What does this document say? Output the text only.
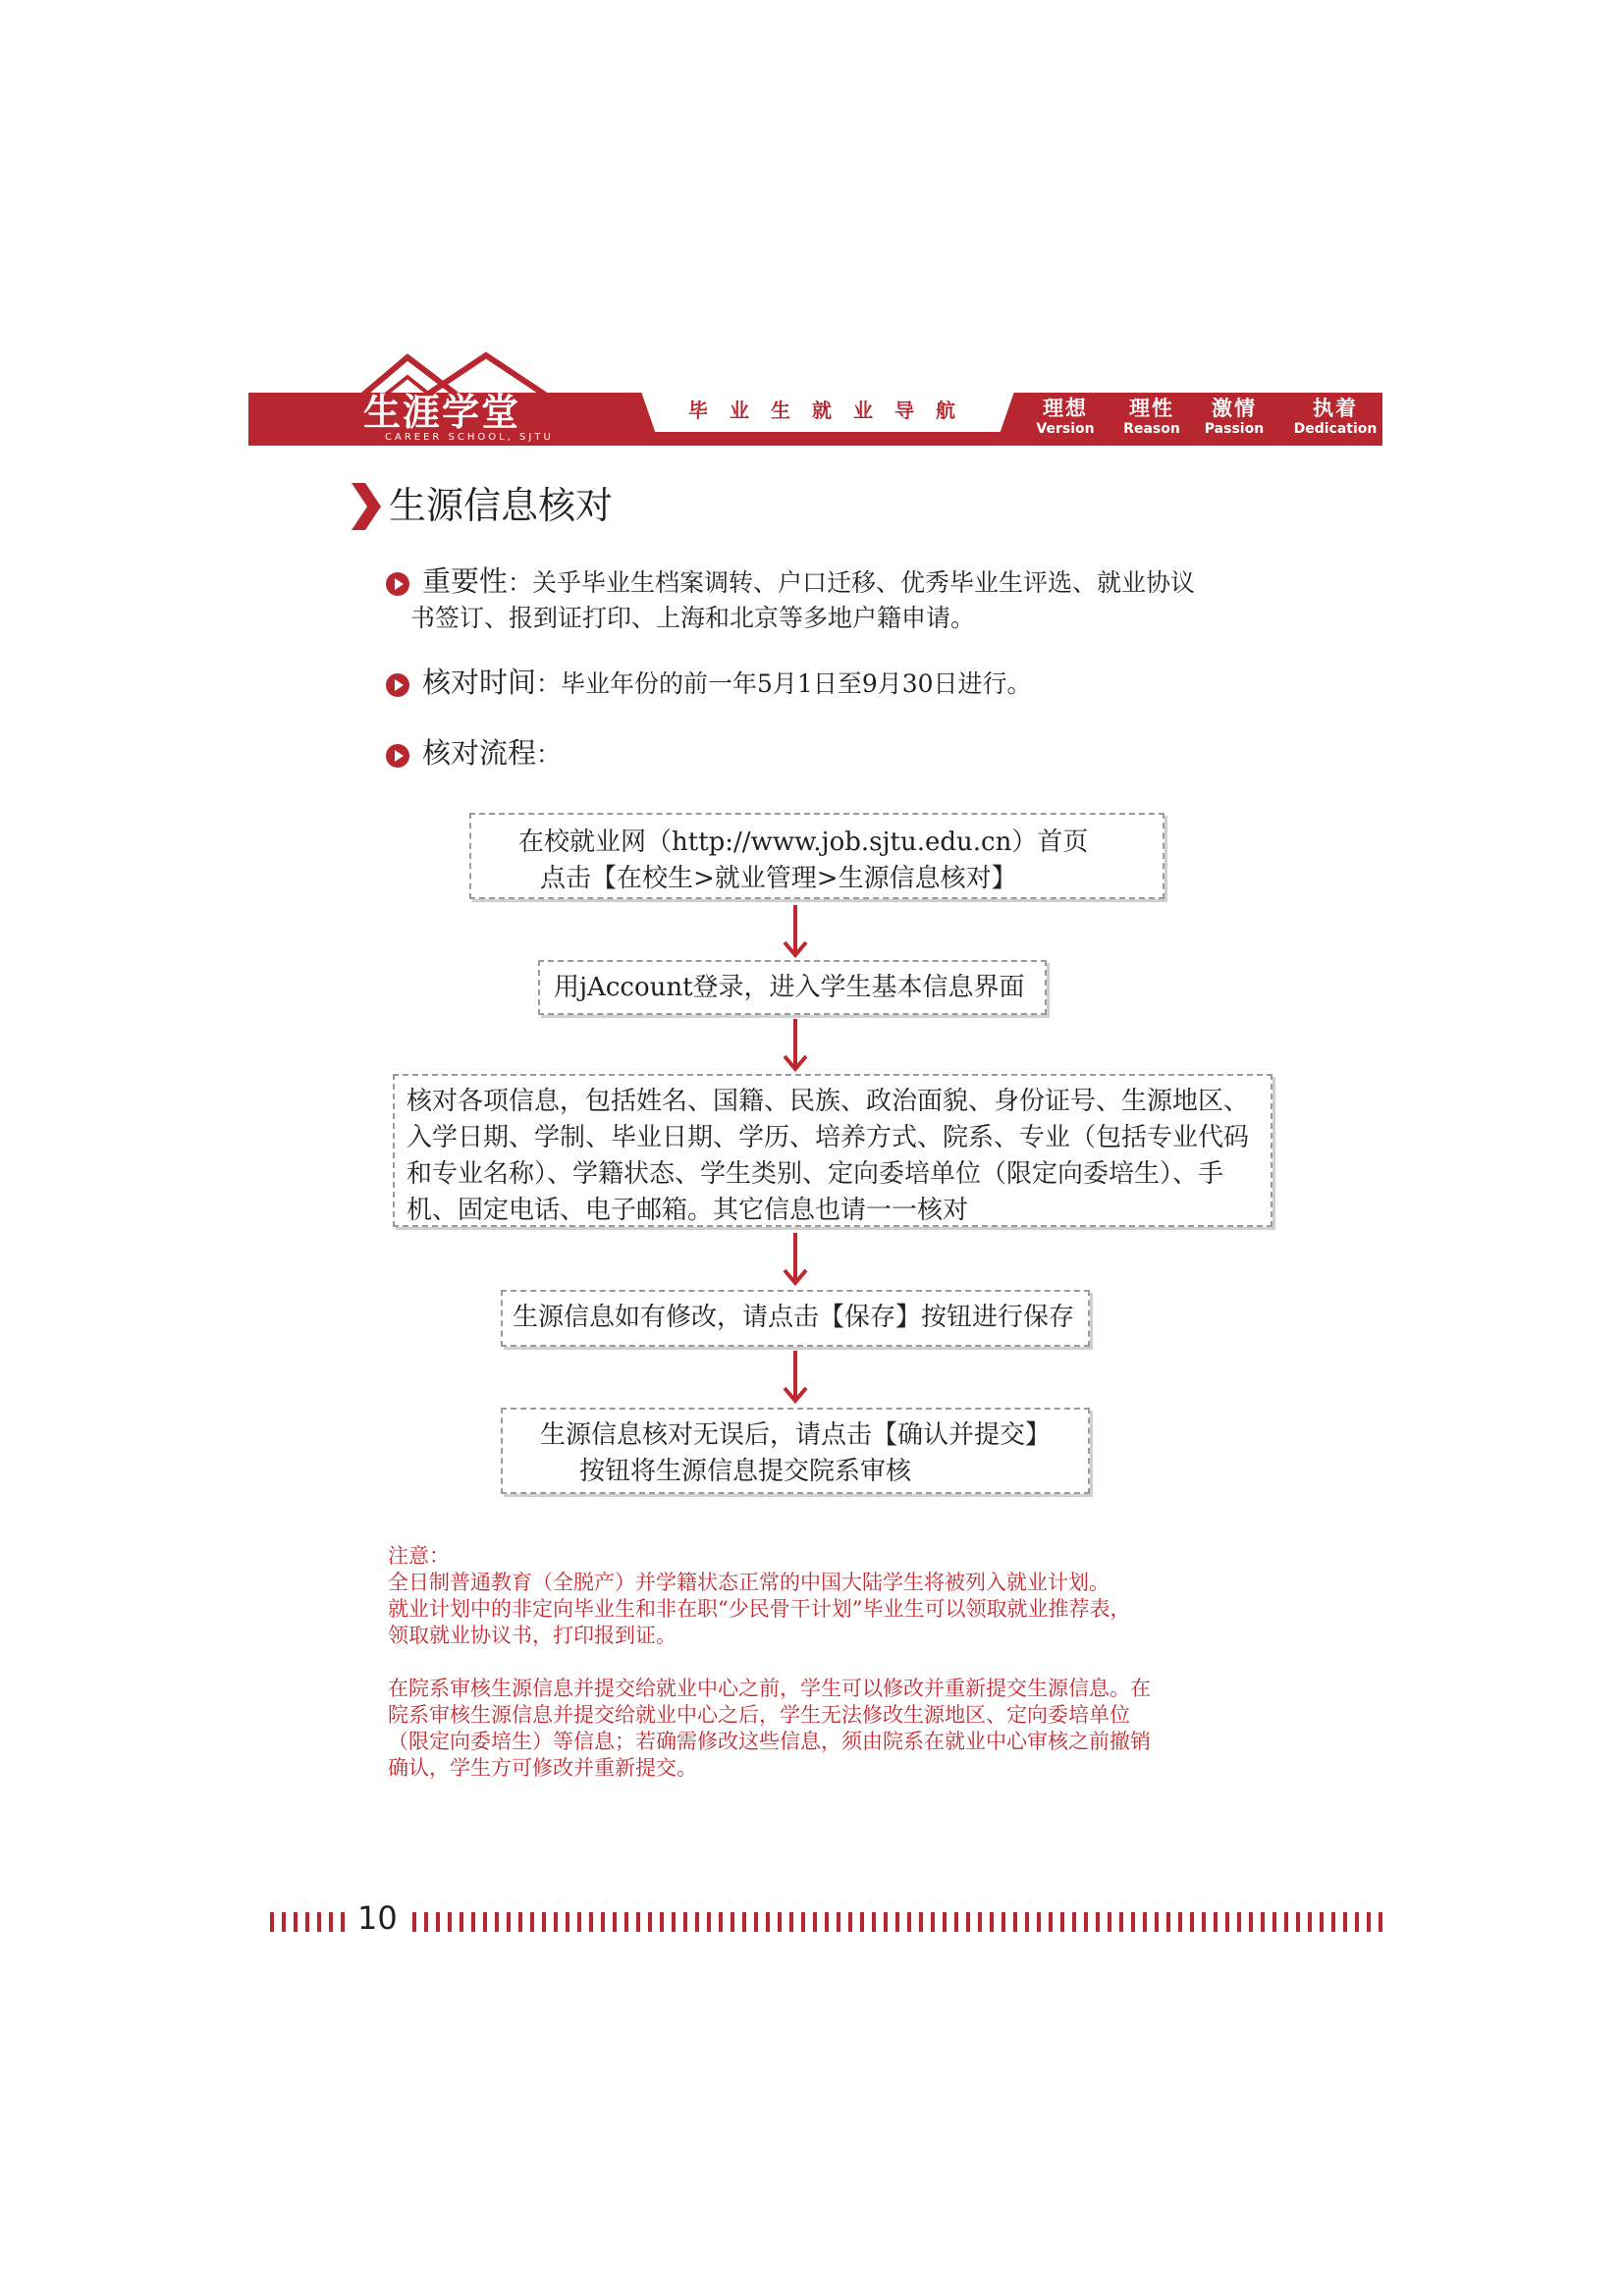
生涯学堂
CAREER SCHOOL, SJTU
毕业生就业导航	理想
Version
理性
Reason
激情
Passion
执着
Dedication
生源信息核对
重要性：关乎毕业生档案调转、户口迁移、优秀毕业生评选、就业协议
书签订、报到证打印、上海和北京等多地户籍申请。
核对时间：毕业年份的前一年5月1日至9月30日进行。
核对流程：
在校就业网（http://www.job.sjtu.edu.cn）首页
点击【在校生>就业管理>生源信息核对】
用jAccount登录，进入学生基本信息界面
核对各项信息，包括姓名、国籍、民族、政治面貌、身份证号、生源地区、
入学日期、学制、毕业日期、学历、培养方式、院系、专业（包括专业代码
和专业名称）、学籍状态、学生类别、定向委培单位（限定向委培生）、手
机、固定电话、电子邮箱。其它信息也请一一核对
生源信息如有修改，请点击【保存】按钮进行保存
生源信息核对无误后，请点击【确认并提交】
按钮将生源信息提交院系审核
注意：
全日制普通教育（全脱产）并学籍状态正常的中国大陆学生将被列入就业计划。
就业计划中的非定向毕业生和非在职“少民骨干计划”毕业生可以领取就业推荐表，
领取就业协议书，打印报到证。
在院系审核生源信息并提交给就业中心之前，学生可以修改并重新提交生源信息。在
院系审核生源信息并提交给就业中心之后，学生无法修改生源地区、定向委培单位
（限定向委培生）等信息；若确需修改这些信息，须由院系在就业中心审核之前撤销
确认，学生方可修改并重新提交。
10
